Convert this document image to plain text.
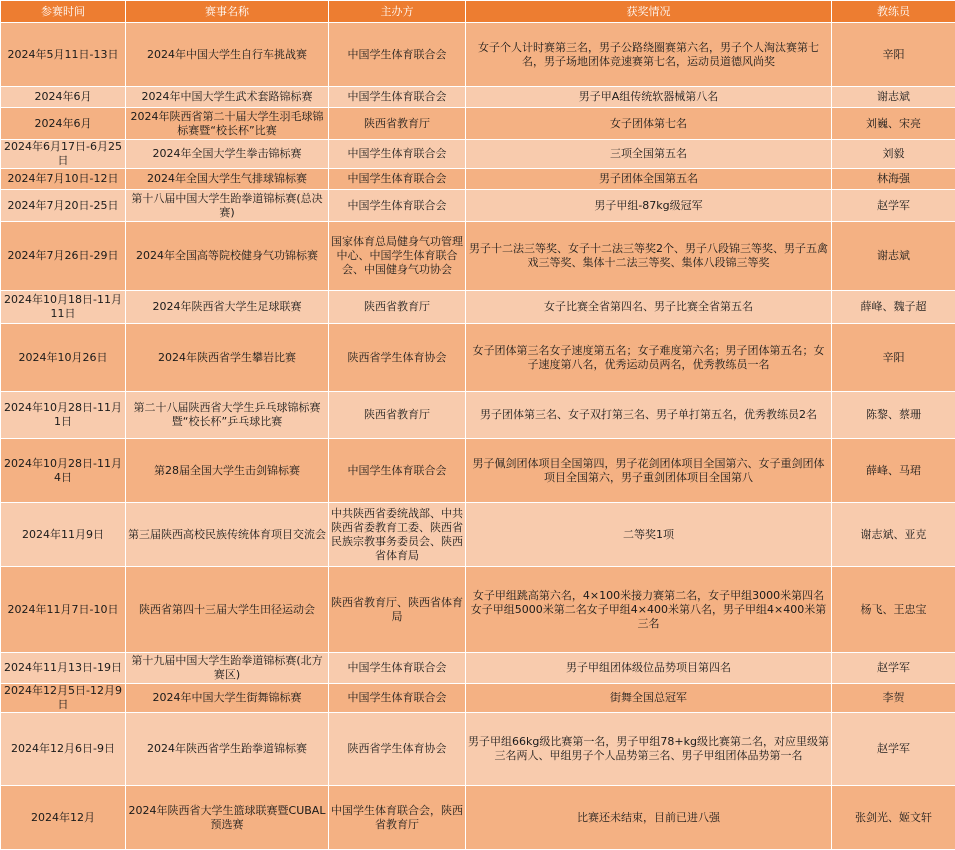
参赛时间	赛事名称	主办方	获奖情况	教练员
2024年5月11日-13日	2024年中国大学生自行车挑战赛	中国学生体育联合会	女子个人计时赛第三名，男子公路绕圈赛第六名，男子个人淘汰赛第七名，男子场地团体竞速赛第七名，运动员道德风尚奖	辛阳
2024年6月	2024年中国大学生武术套路锦标赛	中国学生体育联合会	男子甲A组传统软器械第八名	谢志斌
2024年6月	2024年陕西省第二十届大学生羽毛球锦标赛暨“校长杯”比赛	陕西省教育厅	女子团体第七名	刘巍、宋亮
2024年6月17日-6月25日	2024年全国大学生拳击锦标赛	中国学生体育联合会	三项全国第五名	刘毅
2024年7月10日-12日	2024年全国大学生气排球锦标赛	中国学生体育联合会	男子团体全国第五名	林海强
2024年7月20日-25日	第十八届中国大学生跆拳道锦标赛(总决赛)	中国学生体育联合会	男子甲组-87kg级冠军	赵学军
2024年7月26日-29日	2024年全国高等院校健身气功锦标赛	国家体育总局健身气功管理中心、中国学生体育联合会、中国健身气功协会	男子十二法三等奖、女子十二法三等奖2个、男子八段锦三等奖、男子五禽戏三等奖、集体十二法三等奖、集体八段锦三等奖	谢志斌
2024年10月18日-11月11日	2024年陕西省大学生足球联赛	陕西省教育厅	女子比赛全省第四名、男子比赛全省第五名	薛峰、魏子超
2024年10月26日	2024年陕西省学生攀岩比赛	陕西省学生体育协会	女子团体第三名女子速度第五名；女子难度第六名；男子团体第五名；女子速度第八名，优秀运动员两名，优秀教练员一名	辛阳
2024年10月28日-11月1日	第二十八届陕西省大学生乒乓球锦标赛暨“校长杯”乒乓球比赛	陕西省教育厅	男子团体第三名、女子双打第三名、男子单打第五名，优秀教练员2名	陈黎、蔡珊
2024年10月28日-11月4日	第28届全国大学生击剑锦标赛	中国学生体育联合会	男子佩剑团体项目全国第四，男子花剑团体项目全国第六、女子重剑团体项目全国第六，男子重剑团体项目全国第八	薛峰、马珺
2024年11月9日	第三届陕西高校民族传统体育项目交流会	中共陕西省委统战部、中共陕西省委教育工委、陕西省民族宗教事务委员会、陕西省体育局	二等奖1项	谢志斌、亚克
2024年11月7日-10日	陕西省第四十三届大学生田径运动会	陕西省教育厅、陕西省体育局	女子甲组跳高第六名，4×100米接力赛第二名，女子甲组3000米第四名女子甲组5000米第二名女子甲组4×400米第八名，男子甲组4×400米第三名	杨飞、王忠宝
2024年11月13日-19日	第十九届中国大学生跆拳道锦标赛(北方赛区)	中国学生体育联合会	男子甲组团体级位品势项目第四名	赵学军
2024年12月5日-12月9日	2024年中国大学生街舞锦标赛	中国学生体育联合会	街舞全国总冠军	李贺
2024年12月6日-9日	2024年陕西省学生跆拳道锦标赛	陕西省学生体育协会	男子甲组66kg级比赛第一名，男子甲组78+kg级比赛第二名，对应里级第三名两人、甲组男子个人品势第三名、男子甲组团体品势第一名	赵学军
2024年12月	2024年陕西省大学生篮球联赛暨CUBAL预选赛	中国学生体育联合会，陕西省教育厅	比赛还未结束，目前已进八强	张剑光、姬文轩
